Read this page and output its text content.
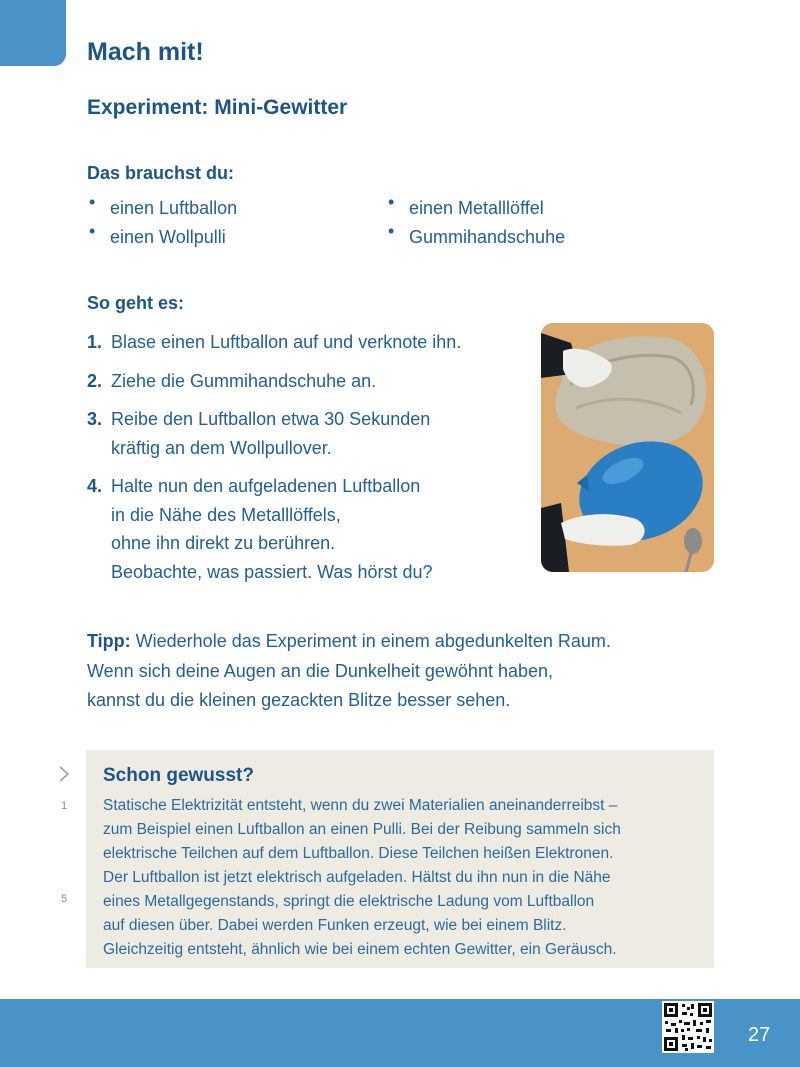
Mach mit!
Experiment: Mini-Gewitter
Das brauchst du:
• einen Luftballon
• einen Wollpulli
• einen Metalllöffel
• Gummihandschuhe
So geht es:
1. Blase einen Luftballon auf und verknote ihn.
2. Ziehe die Gummihandschuhe an.
3. Reibe den Luftballon etwa 30 Sekunden
kräftig an dem Wollpullover.
4. Halte nun den aufgeladenen Luftballon
in die Nähe des Metalllöffels,
ohne ihn direkt zu berühren.
Beobachte, was passiert. Was hörst du?

Tipp: Wiederhole das Experiment in einem abgedunkelten Raum.
Wenn sich deine Augen an die Dunkelheit gewöhnt haben,
kannst du die kleinen gezackten Blitze besser sehen.

1
5
Schon gewusst?
Statische Elektrizität entsteht, wenn du zwei Materialien aneinanderreibst –
zum Beispiel einen Luftballon an einen Pulli. Bei der Reibung sammeln sich
elektrische Teilchen auf dem Luftballon. Diese Teilchen heißen Elektronen.
Der Luftballon ist jetzt elektrisch aufgeladen. Hältst du ihn nun in die Nähe
eines Metallgegenstands, springt die elektrische Ladung vom Luftballon
auf diesen über. Dabei werden Funken erzeugt, wie bei einem Blitz.
Gleichzeitig entsteht, ähnlich wie bei einem echten Gewitter, ein Geräusch.
27
